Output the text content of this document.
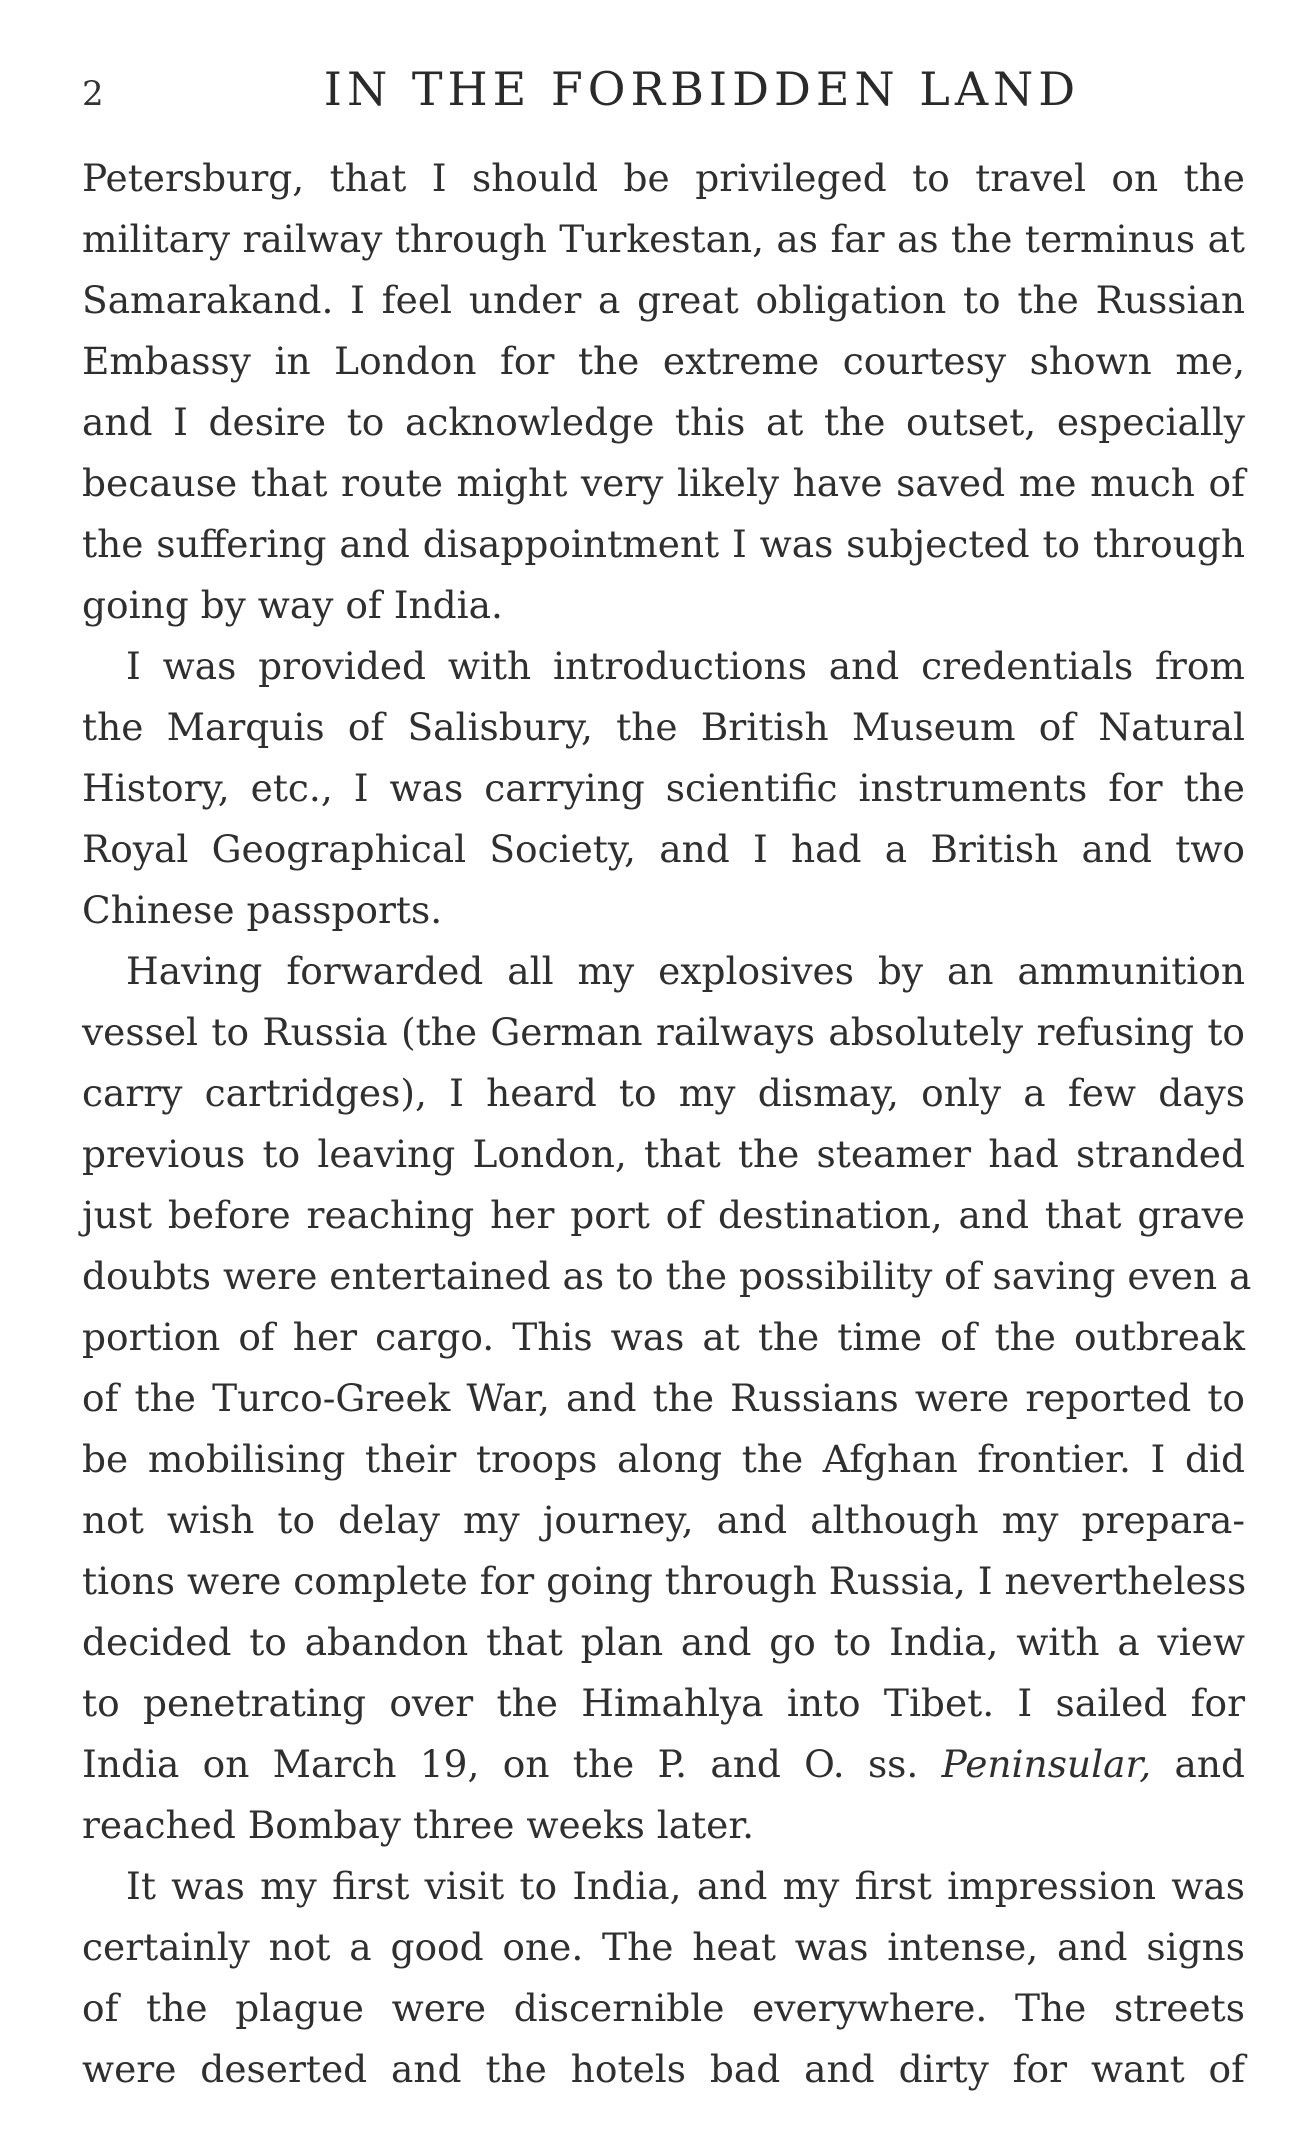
2	IN THE FORBIDDEN LAND
Petersburg, that I should be privileged to travel on the
military railway through Turkestan, as far as the terminus at
Samarakand. I feel under a great obligation to the Russian
Embassy in London for the extreme courtesy shown me,
and I desire to acknowledge this at the outset, especially
because that route might very likely have saved me much of
the suffering and disappointment I was subjected to through
going by way of India.
I was provided with introductions and credentials from
the Marquis of Salisbury, the British Museum of Natural
History, etc., I was carrying scientific instruments for the
Royal Geographical Society, and I had a British and two
Chinese passports.
Having forwarded all my explosives by an ammunition
vessel to Russia (the German railways absolutely refusing to
carry cartridges), I heard to my dismay, only a few days
previous to leaving London, that the steamer had stranded
just before reaching her port of destination, and that grave
doubts were entertained as to the possibility of saving even a
portion of her cargo. This was at the time of the outbreak
of the Turco-Greek War, and the Russians were reported to
be mobilising their troops along the Afghan frontier. I did
not wish to delay my journey, and although my prepara-
tions were complete for going through Russia, I nevertheless
decided to abandon that plan and go to India, with a view
to penetrating over the Himahlya into Tibet. I sailed for
India on March 19, on the P. and O. ss. Peninsular, and
reached Bombay three weeks later.
It was my first visit to India, and my first impression was
certainly not a good one. The heat was intense, and signs
of the plague were discernible everywhere. The streets
were deserted and the hotels bad and dirty for want of
